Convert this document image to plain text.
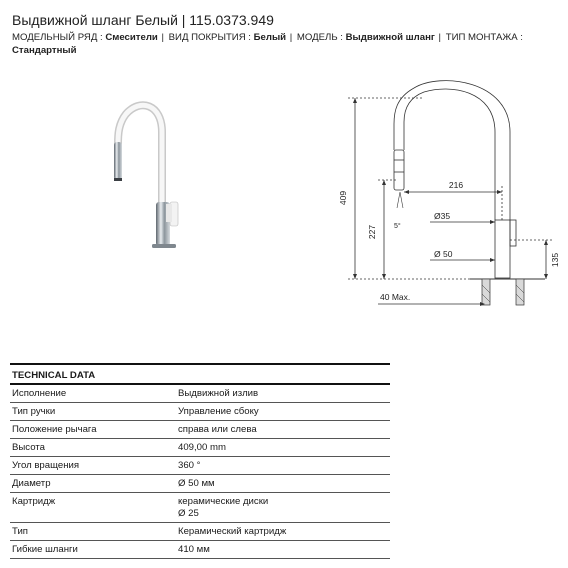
Выдвижной шланг Белый | 115.0373.949
МОДЕЛЬНЫЙ РЯД : Смесители | ВИД ПОКРЫТИЯ : Белый | МОДЕЛЬ : Выдвижной шланг | ТИП МОНТАЖА : Стандартный
409
216
227
Ø35
Ø 50	135
40 Max.
5°
TECHNICAL DATA
Исполнение	Выдвижной излив
Тип ручки	Управление сбоку
Положение рычага	справа или слева
Высота	409,00 mm
Угол вращения	360 °
Диаметр	Ø 50 мм
Картридж	керамические диски
Ø 25
Тип	Керамический картридж
Гибкие шланги	410 мм
